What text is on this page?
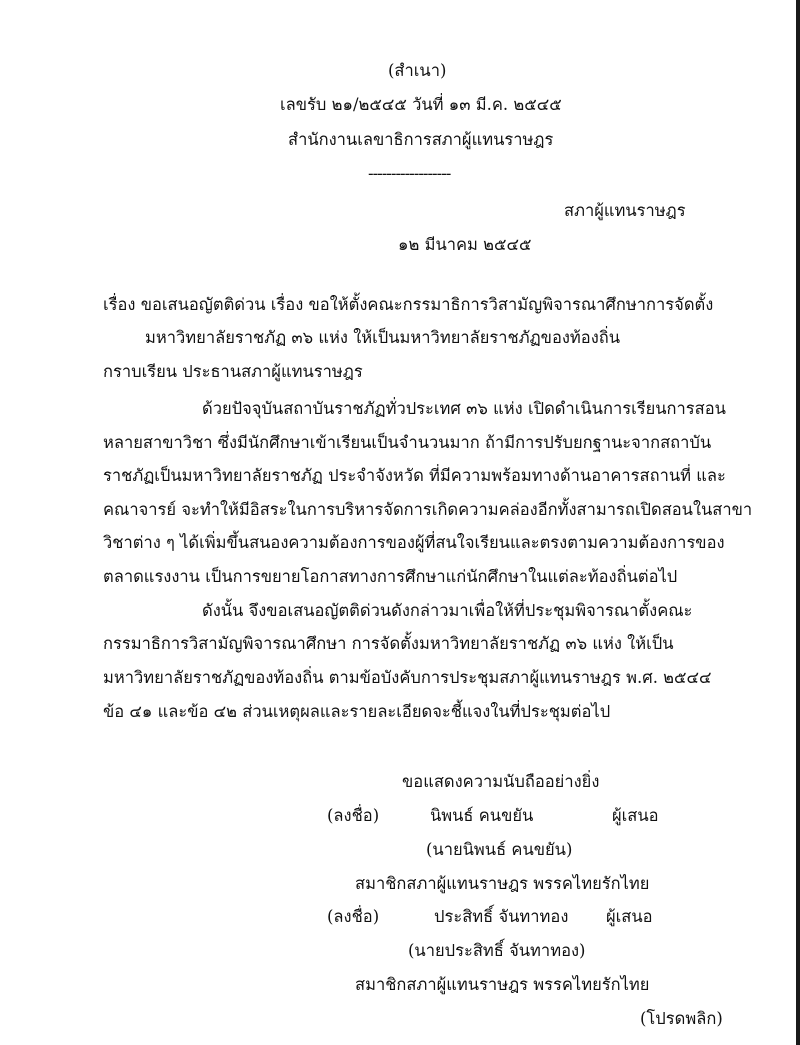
(สำเนา)
เลขรับ ๒๑/๒๕๔๕ วันที่ ๑๓ มี.ค. ๒๕๔๕
สำนักงานเลขาธิการสภาผู้แทนราษฎร
------------------
สภาผู้แทนราษฎร
๑๒ มีนาคม ๒๕๔๕
เรื่อง ขอเสนอญัตติด่วน เรื่อง ขอให้ตั้งคณะกรรมาธิการวิสามัญพิจารณาศึกษาการจัดตั้ง
มหาวิทยาลัยราชภัฏ ๓๖ แห่ง ให้เป็นมหาวิทยาลัยราชภัฏของท้องถิ่น
กราบเรียน ประธานสภาผู้แทนราษฎร
ด้วยปัจจุบันสถาบันราชภัฏทั่วประเทศ ๓๖ แห่ง เปิดดำเนินการเรียนการสอน
หลายสาขาวิชา ซึ่งมีนักศึกษาเข้าเรียนเป็นจำนวนมาก ถ้ามีการปรับยกฐานะจากสถาบัน
ราชภัฏเป็นมหาวิทยาลัยราชภัฏ ประจำจังหวัด ที่มีความพร้อมทางด้านอาคารสถานที่ และ
คณาจารย์ จะทำให้มีอิสระในการบริหารจัดการเกิดความคล่องอีกทั้งสามารถเปิดสอนในสาขา
วิชาต่าง ๆ ได้เพิ่มขึ้นสนองความต้องการของผู้ที่สนใจเรียนและตรงตามความต้องการของ
ตลาดแรงงาน เป็นการขยายโอกาสทางการศึกษาแก่นักศึกษาในแต่ละท้องถิ่นต่อไป
ดังนั้น จึงขอเสนอญัตติด่วนดังกล่าวมาเพื่อให้ที่ประชุมพิจารณาตั้งคณะ
กรรมาธิการวิสามัญพิจารณาศึกษา การจัดตั้งมหาวิทยาลัยราชภัฏ ๓๖ แห่ง ให้เป็น
มหาวิทยาลัยราชภัฏของท้องถิ่น ตามข้อบังคับการประชุมสภาผู้แทนราษฎร พ.ศ. ๒๕๔๔
ข้อ ๔๑ และข้อ ๔๒ ส่วนเหตุผลและรายละเอียดจะชี้แจงในที่ประชุมต่อไป
ขอแสดงความนับถืออย่างยิ่ง
(ลงชื่อ)	นิพนธ์ คนขยัน	ผู้เสนอ
(นายนิพนธ์ คนขยัน)
สมาชิกสภาผู้แทนราษฎร พรรคไทยรักไทย
(ลงชื่อ)	ประสิทธิ์ จันทาทอง ผู้เสนอ
(นายประสิทธิ์ จันทาทอง)
สมาชิกสภาผู้แทนราษฎร พรรคไทยรักไทย
(โปรดพลิก)
